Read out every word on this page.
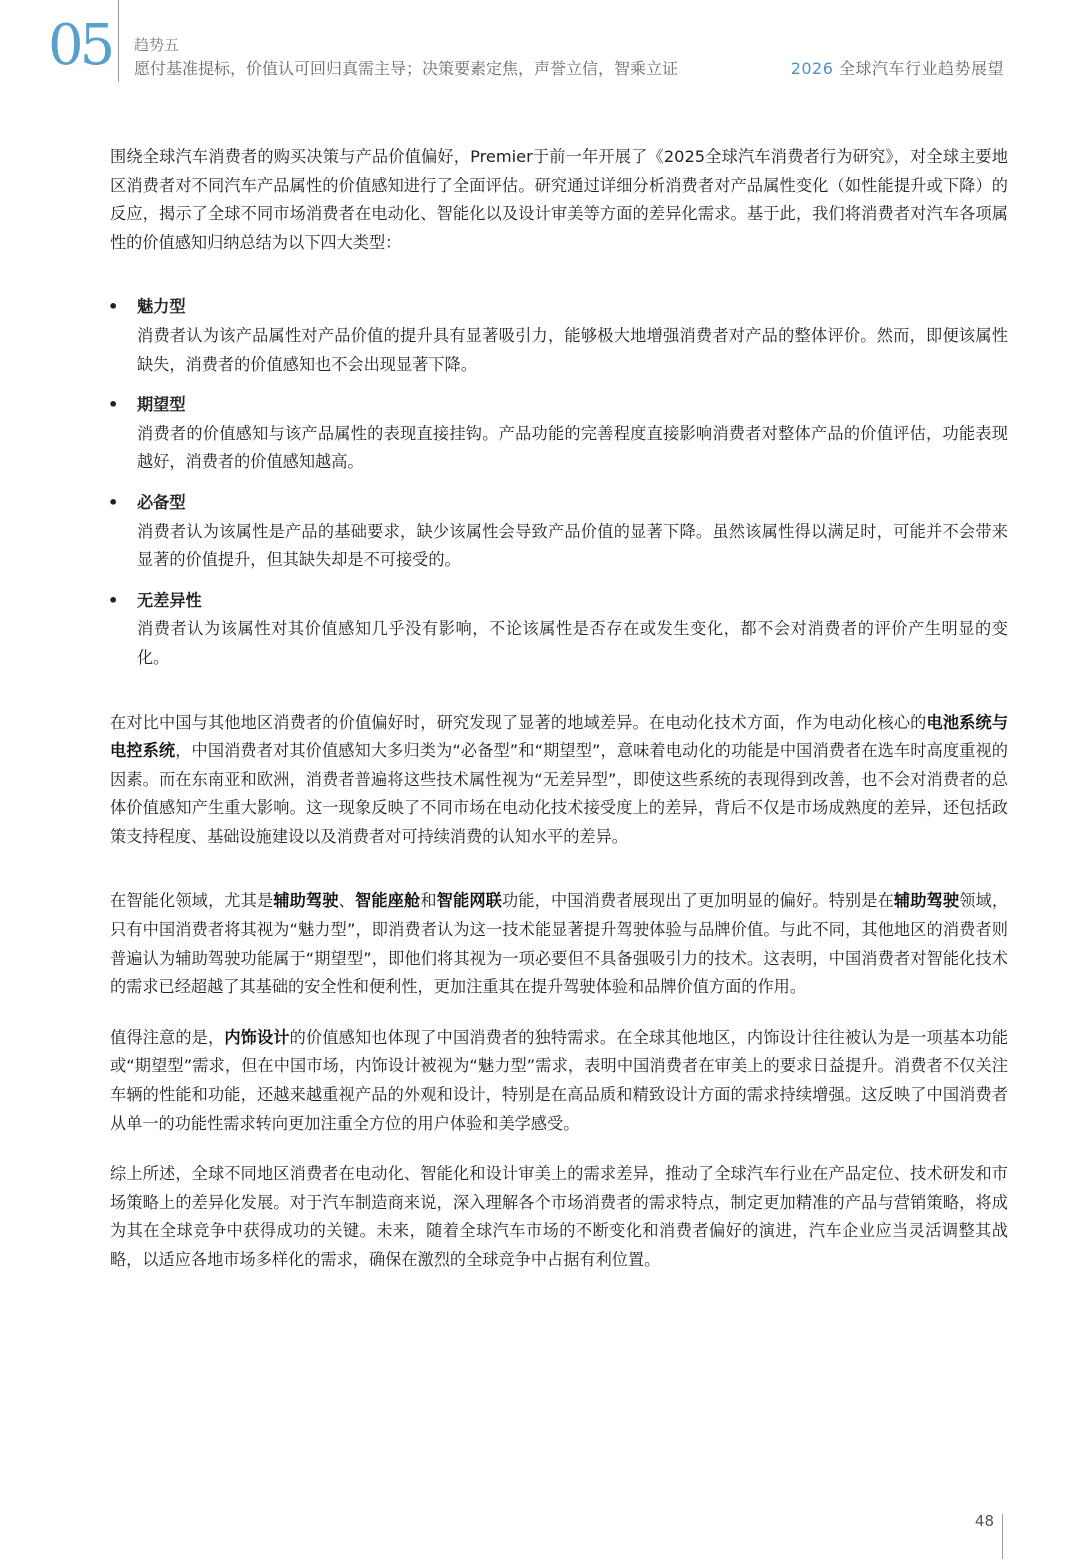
05 趋势五
愿付基准提标，价值认可回归真需主导；决策要素定焦，声誉立信，智乘立证	2026 全球汽车行业趋势展望

围绕全球汽车消费者的购买决策与产品价值偏好，Premier于前一年开展了《2025全球汽车消费者行为研究》，对全球主要地区消费者对不同汽车产品属性的价值感知进行了全面评估。研究通过详细分析消费者对产品属性变化（如性能提升或下降）的反应，揭示了全球不同市场消费者在电动化、智能化以及设计审美等方面的差异化需求。基于此，我们将消费者对汽车各项属性的价值感知归纳总结为以下四大类型：

• 魅力型
消费者认为该产品属性对产品价值的提升具有显著吸引力，能够极大地增强消费者对产品的整体评价。然而，即便该属性缺失，消费者的价值感知也不会出现显著下降。
• 期望型
消费者的价值感知与该产品属性的表现直接挂钩。产品功能的完善程度直接影响消费者对整体产品的价值评估，功能表现越好，消费者的价值感知越高。
• 必备型
消费者认为该属性是产品的基础要求，缺少该属性会导致产品价值的显著下降。虽然该属性得以满足时，可能并不会带来显著的价值提升，但其缺失却是不可接受的。
• 无差异性
消费者认为该属性对其价值感知几乎没有影响，不论该属性是否存在或发生变化，都不会对消费者的评价产生明显的变化。

在对比中国与其他地区消费者的价值偏好时，研究发现了显著的地域差异。在电动化技术方面，作为电动化核心的电池系统与电控系统，中国消费者对其价值感知大多归类为“必备型”和“期望型”，意味着电动化的功能是中国消费者在选车时高度重视的因素。而在东南亚和欧洲，消费者普遍将这些技术属性视为“无差异型”，即使这些系统的表现得到改善，也不会对消费者的总体价值感知产生重大影响。这一现象反映了不同市场在电动化技术接受度上的差异，背后不仅是市场成熟度的差异，还包括政策支持程度、基础设施建设以及消费者对可持续消费的认知水平的差异。

在智能化领域，尤其是辅助驾驶、智能座舱和智能网联功能，中国消费者展现出了更加明显的偏好。特别是在辅助驾驶领域，只有中国消费者将其视为“魅力型”，即消费者认为这一技术能显著提升驾驶体验与品牌价值。与此不同，其他地区的消费者则普遍认为辅助驾驶功能属于“期望型”，即他们将其视为一项必要但不具备强吸引力的技术。这表明，中国消费者对智能化技术的需求已经超越了其基础的安全性和便利性，更加注重其在提升驾驶体验和品牌价值方面的作用。

值得注意的是，内饰设计的价值感知也体现了中国消费者的独特需求。在全球其他地区，内饰设计往往被认为是一项基本功能或“期望型”需求，但在中国市场，内饰设计被视为“魅力型”需求，表明中国消费者在审美上的要求日益提升。消费者不仅关注车辆的性能和功能，还越来越重视产品的外观和设计，特别是在高品质和精致设计方面的需求持续增强。这反映了中国消费者从单一的功能性需求转向更加注重全方位的用户体验和美学感受。

综上所述，全球不同地区消费者在电动化、智能化和设计审美上的需求差异，推动了全球汽车行业在产品定位、技术研发和市场策略上的差异化发展。对于汽车制造商来说，深入理解各个市场消费者的需求特点，制定更加精准的产品与营销策略，将成为其在全球竞争中获得成功的关键。未来，随着全球汽车市场的不断变化和消费者偏好的演进，汽车企业应当灵活调整其战略，以适应各地市场多样化的需求，确保在激烈的全球竞争中占据有利位置。

48
